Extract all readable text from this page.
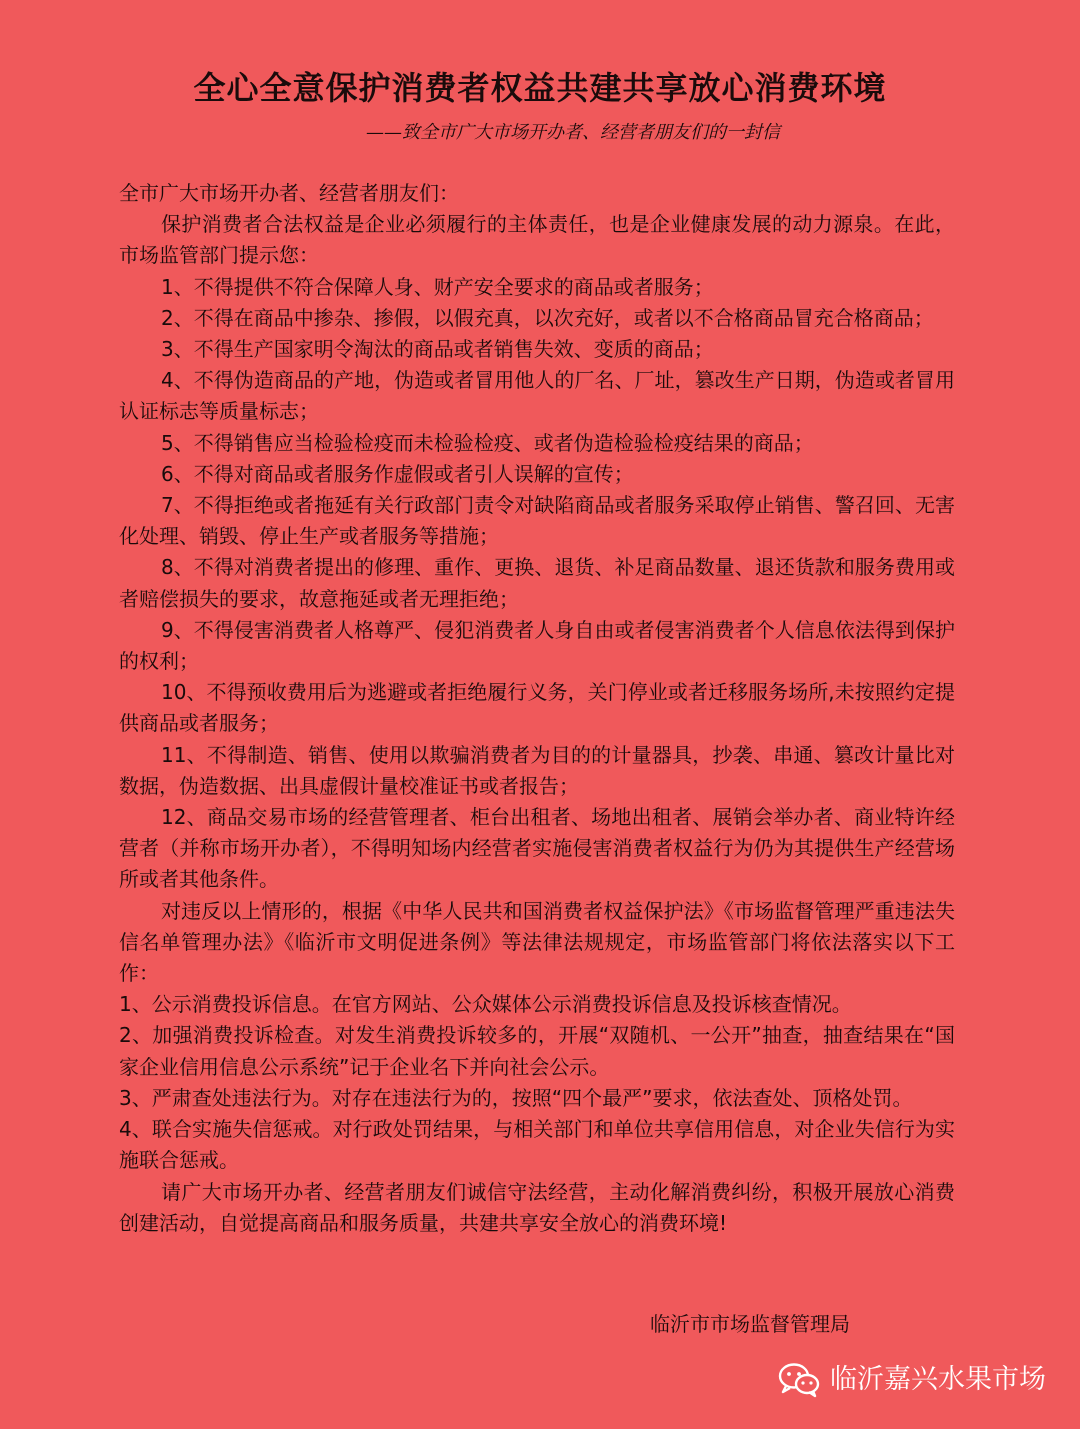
全心全意保护消费者权益共建共享放心消费环境
——致全市广大市场开办者、经营者朋友们的一封信

全市广大市场开办者、经营者朋友们：

保护消费者合法权益是企业必须履行的主体责任，也是企业健康发展的动力源泉。在此，市场监管部门提示您：

1、不得提供不符合保障人身、财产安全要求的商品或者服务；

2、不得在商品中掺杂、掺假，以假充真，以次充好，或者以不合格商品冒充合格商品；

3、不得生产国家明令淘汰的商品或者销售失效、变质的商品；

4、不得伪造商品的产地，伪造或者冒用他人的厂名、厂址，篡改生产日期，伪造或者冒用认证标志等质量标志；

5、不得销售应当检验检疫而未检验检疫、或者伪造检验检疫结果的商品；

6、不得对商品或者服务作虚假或者引人误解的宣传；

7、不得拒绝或者拖延有关行政部门责令对缺陷商品或者服务采取停止销售、警召回、无害化处理、销毁、停止生产或者服务等措施；

8、不得对消费者提出的修理、重作、更换、退货、补足商品数量、退还货款和服务费用或者赔偿损失的要求，故意拖延或者无理拒绝；

9、不得侵害消费者人格尊严、侵犯消费者人身自由或者侵害消费者个人信息依法得到保护的权利；

10、不得预收费用后为逃避或者拒绝履行义务，关门停业或者迁移服务场所,未按照约定提供商品或者服务；

11、不得制造、销售、使用以欺骗消费者为目的的计量器具，抄袭、串通、篡改计量比对数据，伪造数据、出具虚假计量校准证书或者报告；

12、商品交易市场的经营管理者、柜台出租者、场地出租者、展销会举办者、商业特许经营者（并称市场开办者），不得明知场内经营者实施侵害消费者权益行为仍为其提供生产经营场所或者其他条件。

对违反以上情形的，根据《中华人民共和国消费者权益保护法》《市场监督管理严重违法失信名单管理办法》《临沂市文明促进条例》等法律法规规定，市场监管部门将依法落实以下工作：

1、公示消费投诉信息。在官方网站、公众媒体公示消费投诉信息及投诉核查情况。

2、加强消费投诉检查。对发生消费投诉较多的，开展“双随机、一公开”抽查，抽查结果在“国家企业信用信息公示系统”记于企业名下并向社会公示。

3、严肃查处违法行为。对存在违法行为的，按照“四个最严”要求，依法查处、顶格处罚。

4、联合实施失信惩戒。对行政处罚结果，与相关部门和单位共享信用信息，对企业失信行为实施联合惩戒。

请广大市场开办者、经营者朋友们诚信守法经营，主动化解消费纠纷，积极开展放心消费创建活动，自觉提高商品和服务质量，共建共享安全放心的消费环境!

临沂市市场监督管理局
临沂嘉兴水果市场
